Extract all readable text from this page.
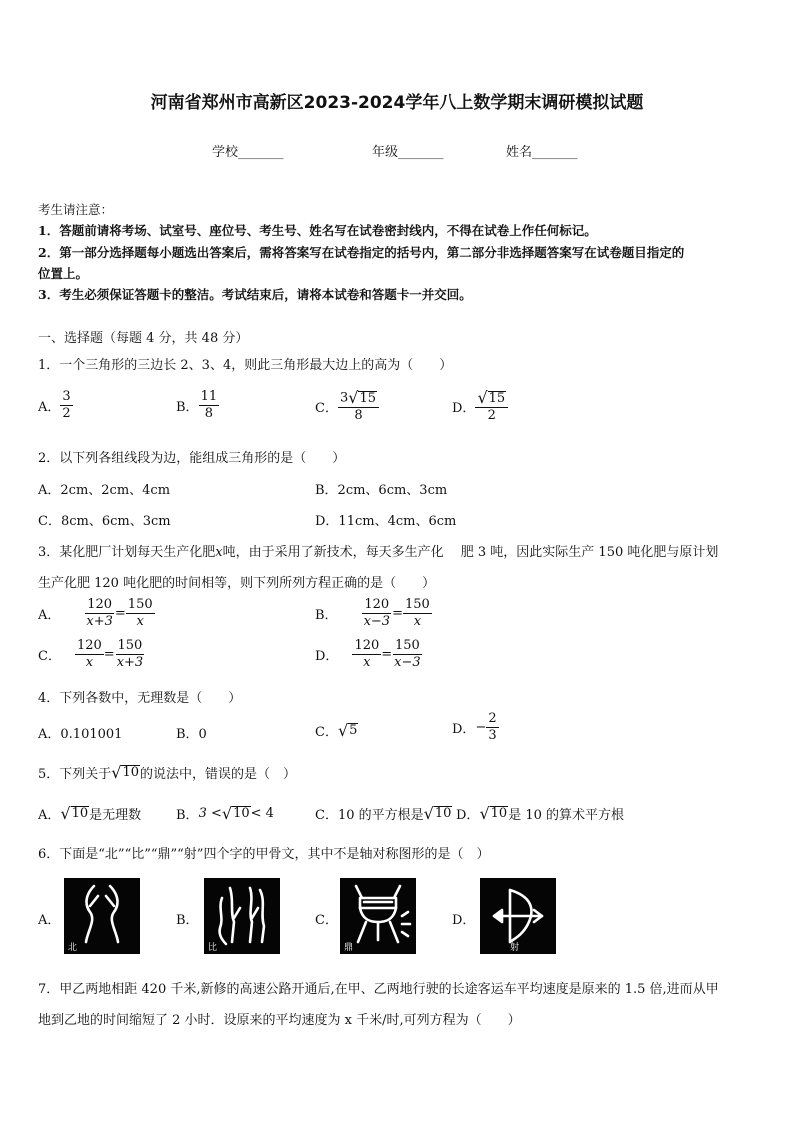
河南省郑州市高新区2023-2024学年八上数学期末调研模拟试题
学校_______	年级_______	姓名_______
考生请注意：
1．答题前请将考场、试室号、座位号、考生号、姓名写在试卷密封线内，不得在试卷上作任何标记。
2．第一部分选择题每小题选出答案后，需将答案写在试卷指定的括号内，第二部分非选择题答案写在试卷题目指定的
位置上。
3．考生必须保证答题卡的整洁。考试结束后，请将本试卷和答题卡一并交回。
一、选择题（每题 4 分，共 48 分）
1．一个三角形的三边长 2、3、4，则此三角形最大边上的高为（　　）
A． $\frac{3}{2}$	B． $\frac{11}{8}$	C． $\frac{3 √ 15}{8}$	D． $\frac{√ 15}{2}$
2．以下列各组线段为边，能组成三角形的是（　　）
A．2cm、2cm、4cm	B．2cm、6cm、3cm
C．8cm、6cm、3cm	D．11cm、4cm、6cm
3．某化肥厂计划每天生产化肥x吨，由于采用了新技术，每天多生产化　 肥 3 吨，因此实际生产 150 吨化肥与原计划
生产化肥 120 吨化肥的时间相等，则下列所列方程正确的是（　　）
A． $\frac{120}{x+3} = \frac{150}{x}$	B． $\frac{120}{x-3} = \frac{150}{x}$
C． $\frac{120}{x} = \frac{150}{x+3}$	D． $\frac{120}{x} = \frac{150}{x-3}$
4．下列各数中，无理数是（　　）
A．0.101001	B．0	C． √ 5	D． − $\frac{2}{3}$
5．下列关于 √ 10 的说法中，错误的是（　）
A． √ 10 是无理数	B． 3 < √ 10 < 4	C． 10 的平方根是 √ 10 D． √ 10 是 10 的算术平方根
6．下面是“北”“比”“鼎”“射”四个字的甲骨文，其中不是轴对称图形的是（　）
A．
北
B．
比
C．
鼎
D．
射
7．甲乙两地相距 420 千米,新修的高速公路开通后,在甲、乙两地行驶的长途客运车平均速度是原来的 1.5 倍,进而从甲
地到乙地的时间缩短了 2 小时．设原来的平均速度为 x 千米/时,可列方程为（　　）
